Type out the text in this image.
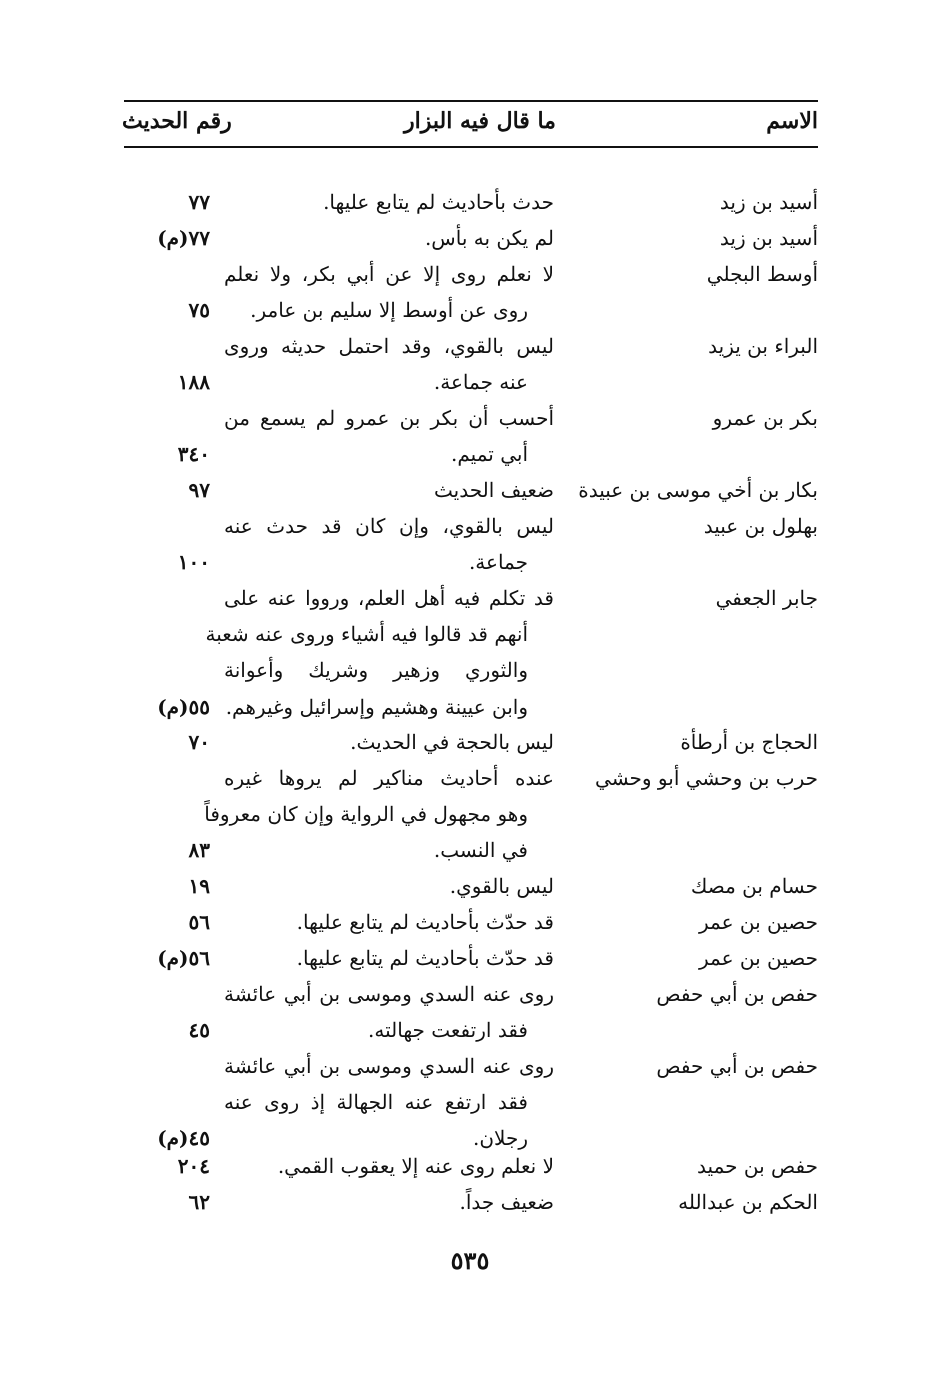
الاسم
ما قال فيه البزار
رقم الحديث
أسيد بن زيد
حدث بأحاديث لم يتابع عليها.
٧٧
أسيد بن زيد
لم يكن به بأس.
٧٧(م)
أوسط البجلي
لا نعلم روى إلا عن أبي بكر، ولا نعلم
روى عن أوسط إلا سليم بن عامر.
٧٥
البراء بن يزيد
ليس بالقوي، وقد احتمل حديثه وروى
عنه جماعة.
١٨٨
بكر بن عمرو
أحسب أن بكر بن عمرو لم يسمع من
أبي تميم.
٣٤٠
بكار بن أخي موسى بن عبيدة
ضعيف الحديث
٩٧
بهلول بن عبيد
ليس بالقوي، وإن كان قد حدث عنه
جماعة.
١٠٠
جابر الجعفي
قد تكلم فيه أهل العلم، ورووا عنه على
أنهم قد قالوا فيه أشياء وروى عنه شعبة
والثوري وزهير وشريك وأعوانة
وابن عيينة وهشيم وإسرائيل وغيرهم.
٥٥(م)
الحجاج بن أرطأة
ليس بالحجة في الحديث.
٧٠
حرب بن وحشي أبو وحشي
عنده أحاديث مناكير لم يروها غيره
وهو مجهول في الرواية وإن كان معروفاً
في النسب.
٨٣
حسام بن مصك
ليس بالقوي.
١٩
حصين بن عمر
قد حدّث بأحاديث لم يتابع عليها.
٥٦
حصين بن عمر
قد حدّث بأحاديث لم يتابع عليها.
٥٦(م)
حفص بن أبي حفص
روى عنه السدي وموسى بن أبي عائشة
فقد ارتفعت جهالته.
٤٥
حفص بن أبي حفص
روى عنه السدي وموسى بن أبي عائشة
فقد ارتفع عنه الجهالة إذ روى عنه
رجلان.
٤٥(م)
حفص بن حميد
لا نعلم روى عنه إلا يعقوب القمي.
٢٠٤
الحكم بن عبدالله
ضعيف جداً.
٦٢
٥٣٥
